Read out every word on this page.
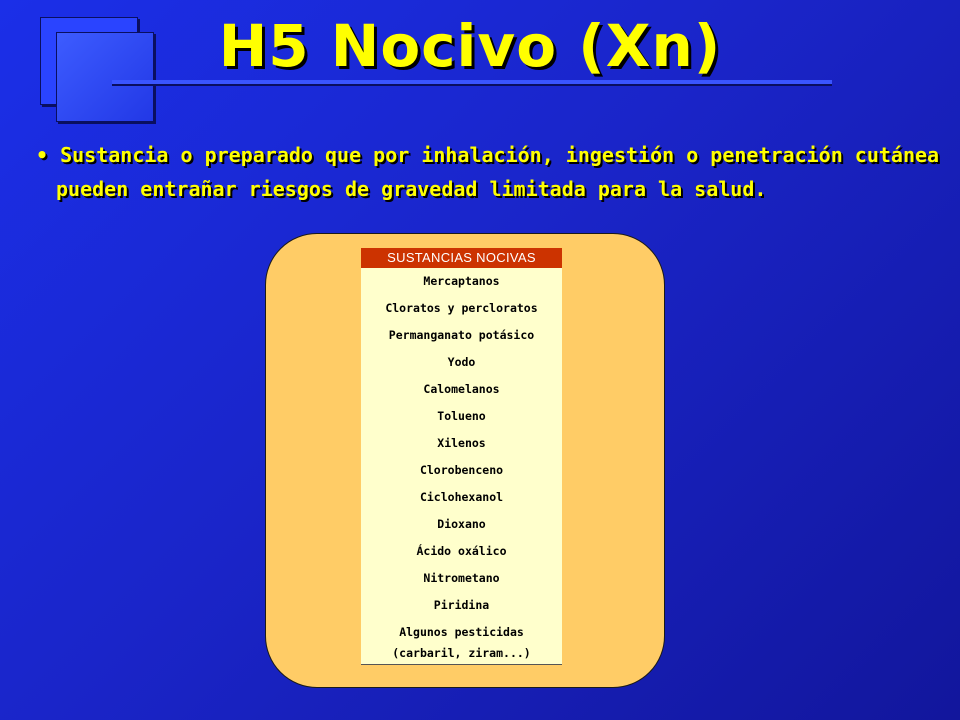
H5 Nocivo (Xn)
• Sustancia o preparado que por inhalación, ingestión o penetración cutánea pueden entrañar riesgos de gravedad limitada para la salud.
SUSTANCIAS NOCIVAS
Mercaptanos
Cloratos y percloratos
Permanganato potásico
Yodo
Calomelanos
Tolueno
Xilenos
Clorobenceno
Ciclohexanol
Dioxano
Ácido oxálico
Nitrometano
Piridina
Algunos pesticidas
(carbaril, ziram...)
